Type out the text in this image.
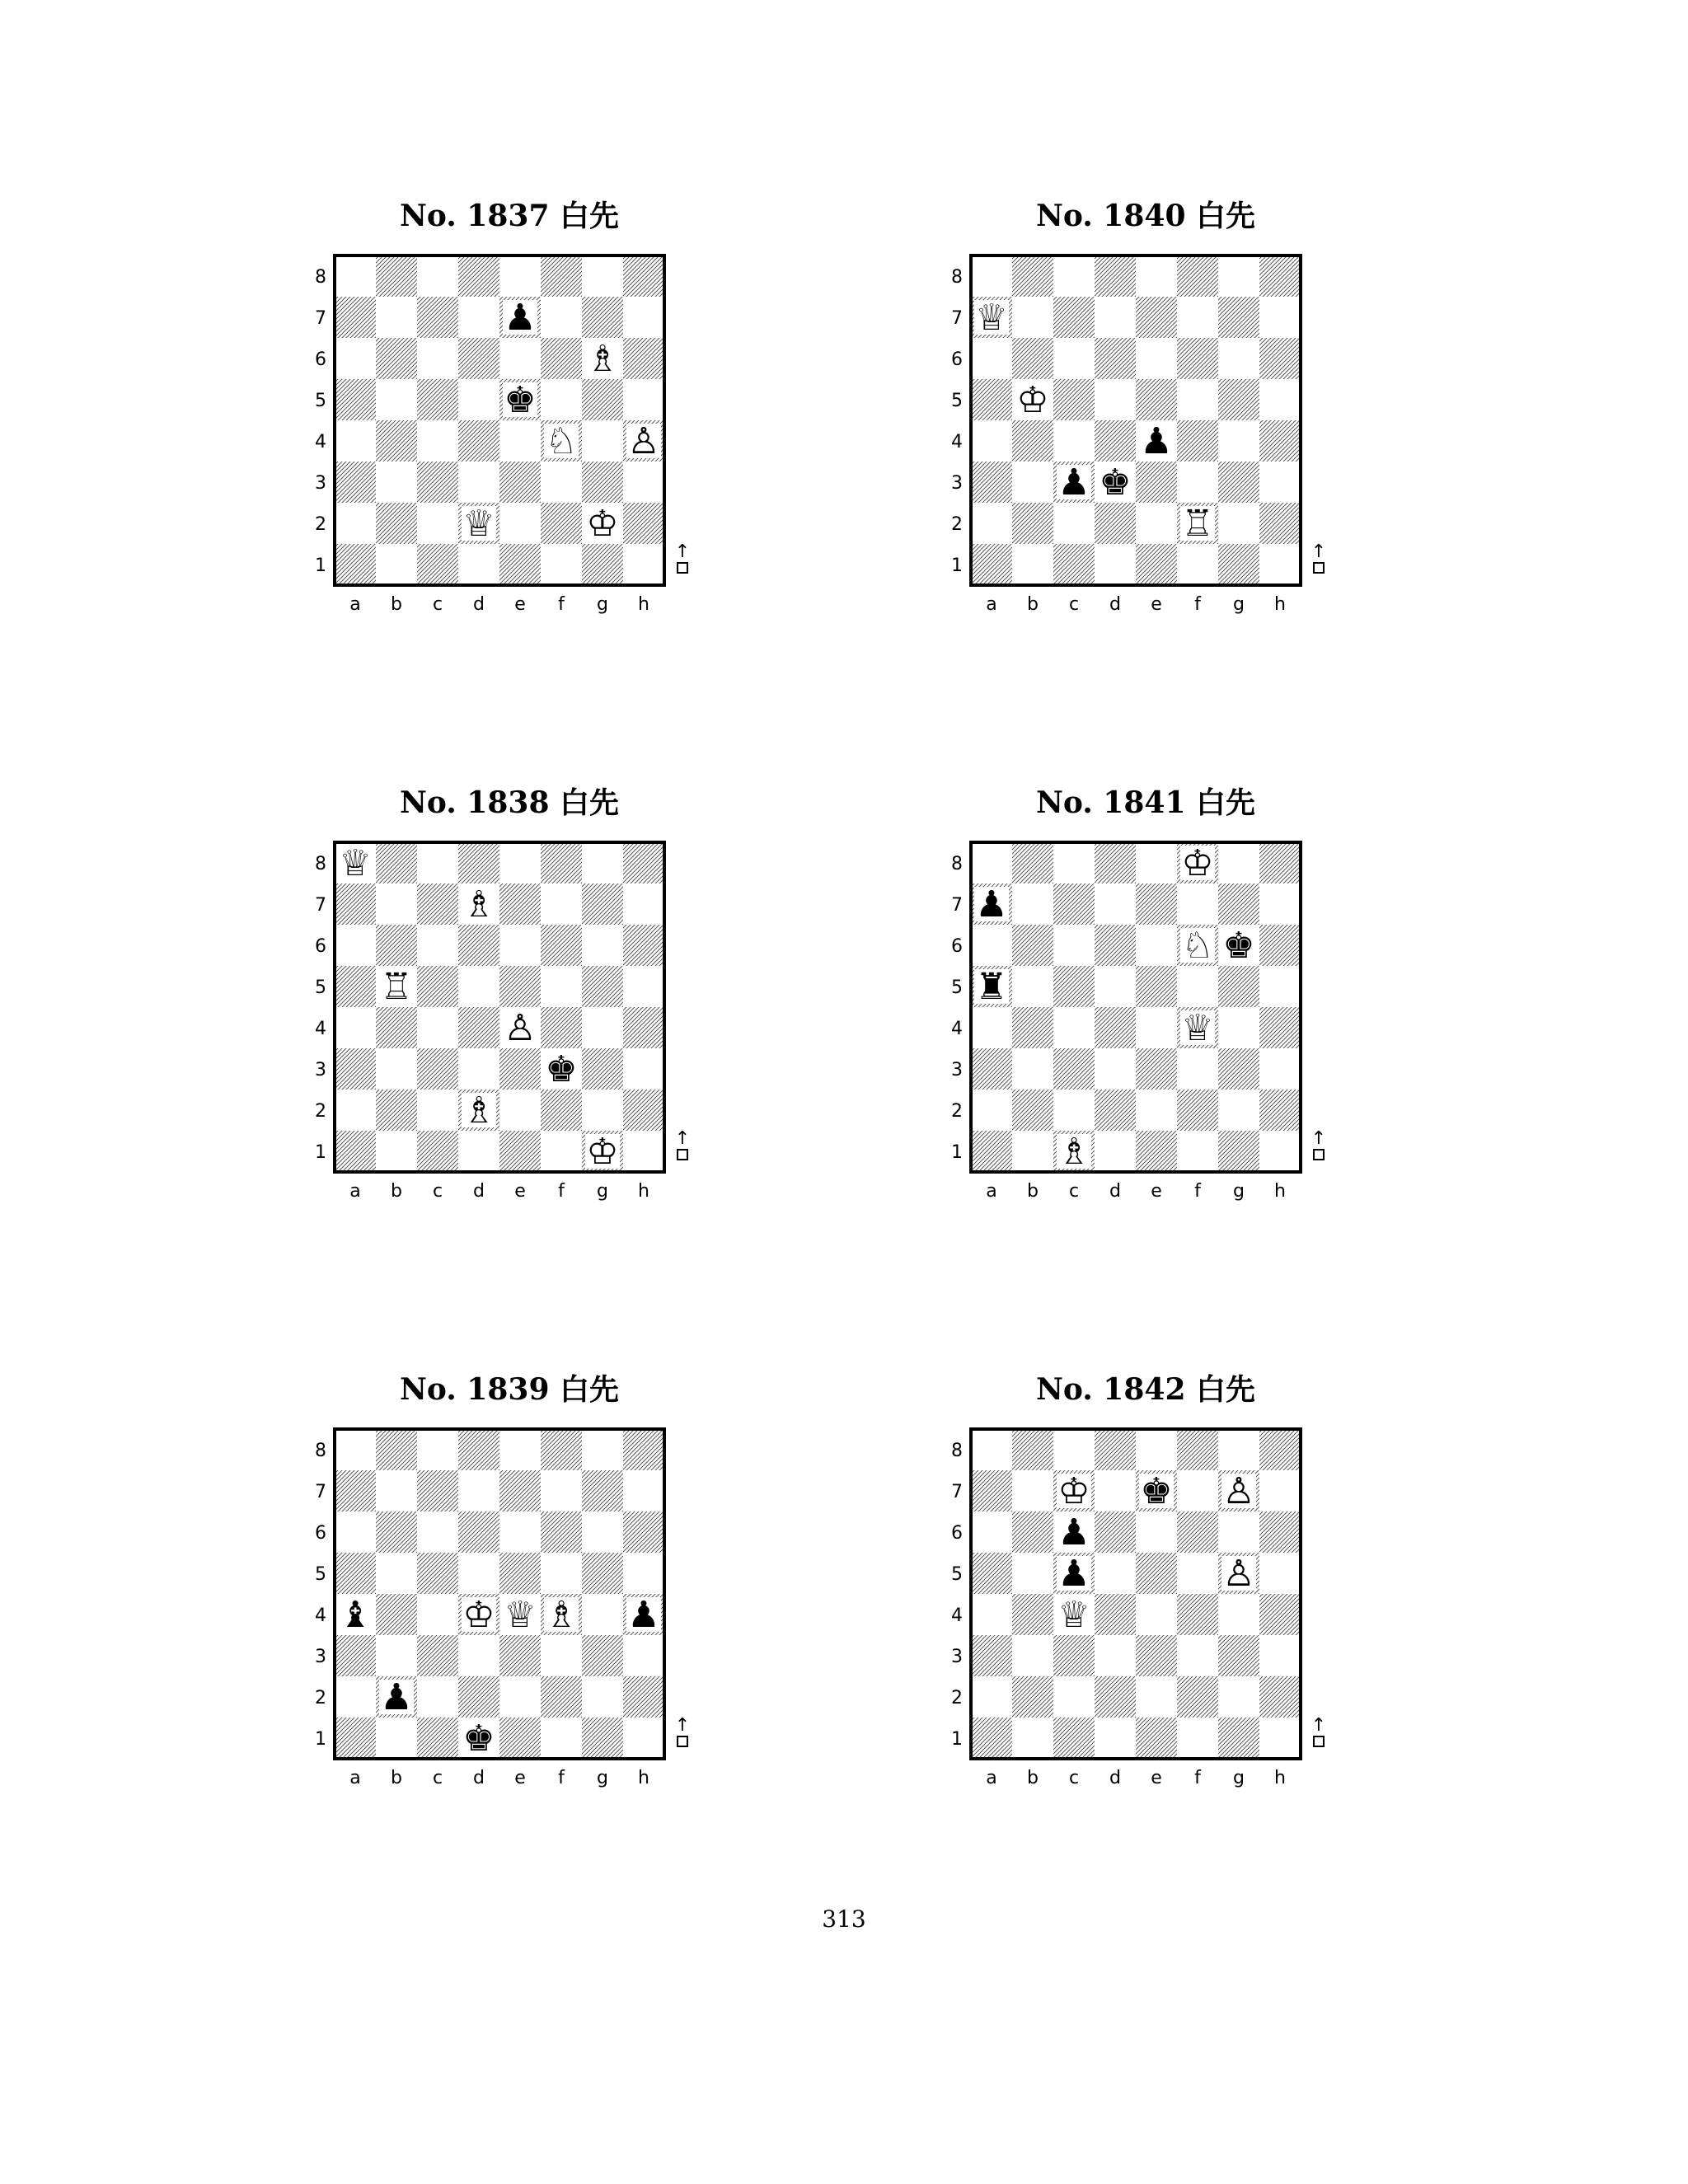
No. 1837 白先
8
7
6
5
4
3
2
1
a b c d e f g h
♟
♗
♚
♘ ♙
♕	♔
↑
No. 1840 白先
8
7
6
5
4
3
2
1
a b c d e f g h
♕
♔
♟
♟ ♚
♖
↑
No. 1838 白先
8
7
6
5
4
3
2
1
a b c d e f g h
♕
♗
♖
♙
♚
♗
♔	↑
No. 1841 白先
8
7
6
5
4
3
2
1
a b c d e f g h
♔
♟
♘ ♚
♜
♕
♗	↑
No. 1839 白先
8
7
6
5
4
3
2
1
a b c d e f g h
♝	♔ ♕ ♗ ♟
♟
♚	↑
No. 1842 白先
8
7
6
5
4
3
2
1
a b c d e f g h
♔ ♚ ♙
♟
♟	♙
♕
↑
313
